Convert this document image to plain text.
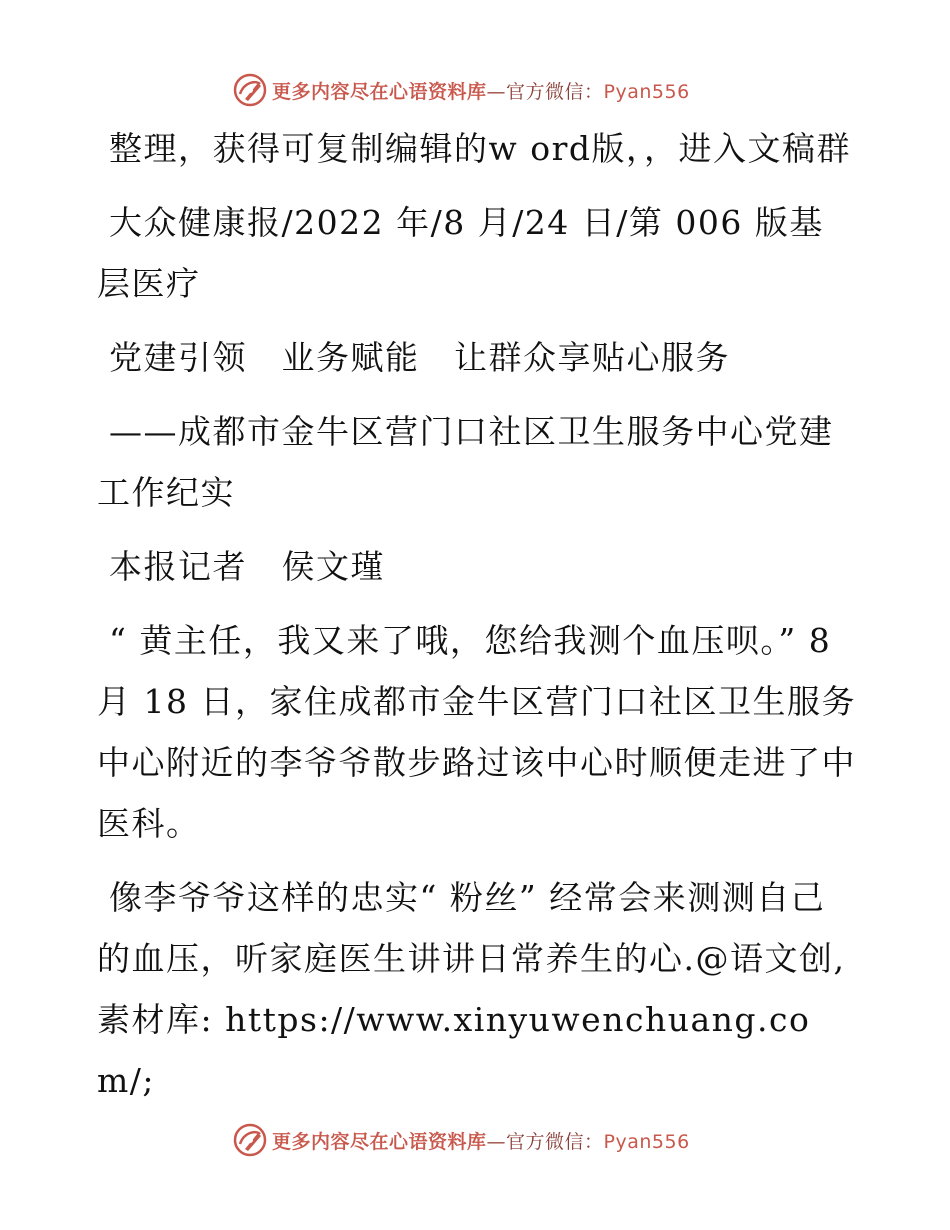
更多内容尽在心语资料库—官方微信：Pyan556

整理，获得可复制编辑的w ord版，，进入文稿群

大众健康报/2022 年/8 月/24 日/第 006 版基层医疗

党建引领　业务赋能　让群众享贴心服务

——成都市金牛区营门口社区卫生服务中心党建工作纪实

本报记者　侯文瑾

“ 黄主任，我又来了哦，您给我测个血压呗。” 8 月 18 日，家住成都市金牛区营门口社区卫生服务中心附近的李爷爷散步路过该中心时顺便走进了中医科。

像李爷爷这样的忠实“ 粉丝” 经常会来测测自己的血压，听家庭医生讲讲日常养生的心.@语文创,素材库: https://www.xinyuwenchuang.com/;

更多内容尽在心语资料库—官方微信：Pyan556
